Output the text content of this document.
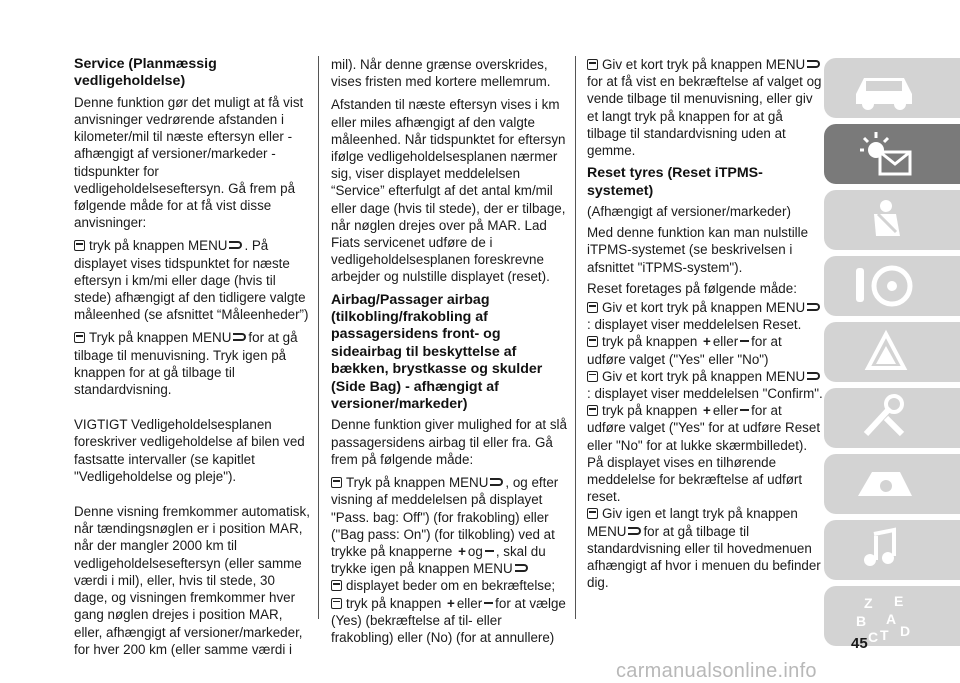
Service (Planmæssig vedligeholdelse)

Denne funktion gør det muligt at få vist anvisninger vedrørende afstanden i kilometer/mil til næste eftersyn eller - afhængigt af versioner/markeder - tidspunkter for vedligeholdelseseftersyn. Gå frem på følgende måde for at få vist disse anvisninger:

tryk på knappen MENU . På displayet vises tidspunktet for næste eftersyn i km/mi eller dage (hvis til stede) afhængigt af den tidligere valgte måleenhed (se afsnittet “Måleenheder”)

Tryk på knappen MENU for at gå tilbage til menuvisning. Tryk igen på knappen for at gå tilbage til standardvisning.

VIGTIGT Vedligeholdelsesplanen foreskriver vedligeholdelse af bilen ved fastsatte intervaller (se kapitlet "Vedligeholdelse og pleje").

Denne visning fremkommer automatisk, når tændingsnøglen er i position MAR, når der mangler 2000 km til vedligeholdelseseftersyn (eller samme værdi i mil), eller, hvis til stede, 30 dage, og visningen fremkommer hver gang nøglen drejes i position MAR, eller, afhængigt af versioner/markeder, for hver 200 km (eller samme værdi i

mil). Når denne grænse overskrides, vises fristen med kortere mellemrum.

Afstanden til næste eftersyn vises i km eller miles afhængigt af den valgte måleenhed. Når tidspunktet for eftersyn ifølge vedligeholdelsesplanen nærmer sig, viser displayet meddelelsen “Service” efterfulgt af det antal km/mil eller dage (hvis til stede), der er tilbage, når nøglen drejes over på MAR. Lad Fiats servicenet udføre de i vedligeholdelsesplanen foreskrevne arbejder og nulstille displayet (reset).

Airbag/Passager airbag (tilkobling/frakobling af passagersidens front- og sideairbag til beskyttelse af bækken, brystkasse og skulder (Side Bag) - afhængigt af versioner/markeder)

Denne funktion giver mulighed for at slå passagersidens airbag til eller fra. Gå frem på følgende måde:

Tryk på knappen MENU , og efter visning af meddelelsen på displayet "Pass. bag: Off") (for frakobling) eller ("Bag pass: On") (for tilkobling) ved at trykke på knapperne + og , skal du trykke igen på knappen MENU

displayet beder om en bekræftelse;

tryk på knappen + eller for at vælge (Yes) (bekræftelse af til- eller frakobling) eller (No) (for at annullere)

Giv et kort tryk på knappen MENUfor at få vist en bekræftelse af valget og vende tilbage til menuvisning, eller giv et langt tryk på knappen for at gå tilbage til standardvisning uden at gemme.

Reset tyres (Reset iTPMS-systemet)

(Afhængigt af versioner/markeder)

Med denne funktion kan man nulstille iTPMS-systemet (se beskrivelsen i afsnittet "iTPMS-system").

Reset foretages på følgende måde:

Giv et kort tryk på knappen MENU: displayet viser meddelelsen Reset.

tryk på knappen + eller for at udføre valget ("Yes" eller "No")

Giv et kort tryk på knappen MENU: displayet viser meddelelsen "Confirm".

tryk på knappen + eller for at udføre valget ("Yes" for at udføre Reset eller "No" for at lukke skærmbilledet). På displayet vises en tilhørende meddelelse for bekræftelse af udført reset.

Giv igen et langt tryk på knappen MENU for at gå tilbage til standardvisning eller til hovedmenuen afhængigt af hvor i menuen du befinder dig.

Z E
B A
C T D
45
carmanualsonline.info
